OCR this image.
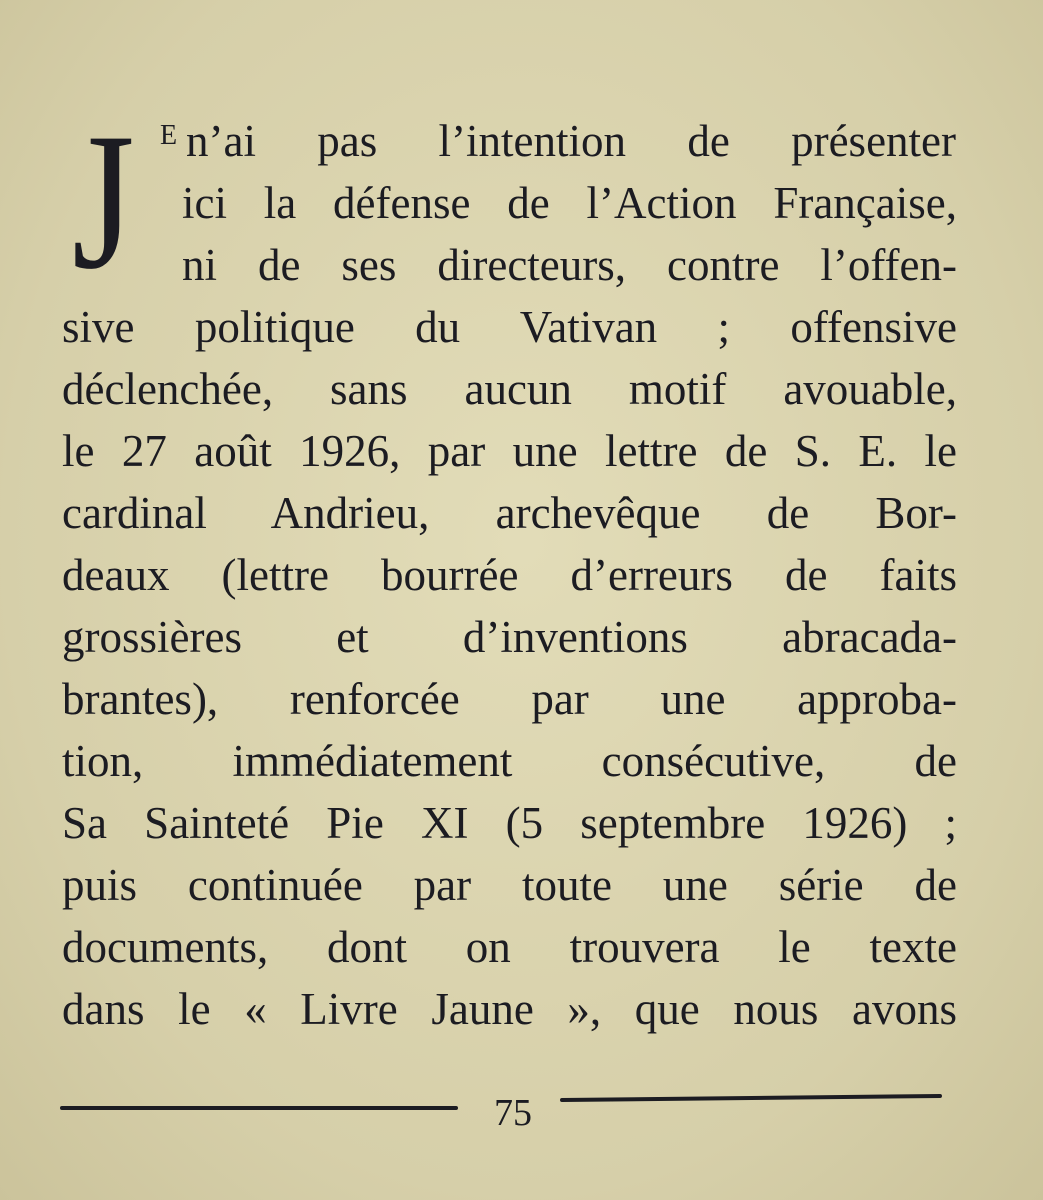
J E n’ai pas l’intention de présenter
ici la défense de l’Action Française,
ni de ses directeurs, contre l’offen-
sive politique du Vativan ; offensive
déclenchée, sans aucun motif avouable,
le 27 août 1926, par une lettre de S. E. le
cardinal Andrieu, archevêque de Bor-
deaux (lettre bourrée d’erreurs de faits
grossières et d’inventions abracada-
brantes), renforcée par une approba-
tion, immédiatement consécutive, de
Sa Sainteté Pie XI (5 septembre 1926) ;
puis continuée par toute une série de
documents, dont on trouvera le texte
dans le « Livre Jaune », que nous avons
75
